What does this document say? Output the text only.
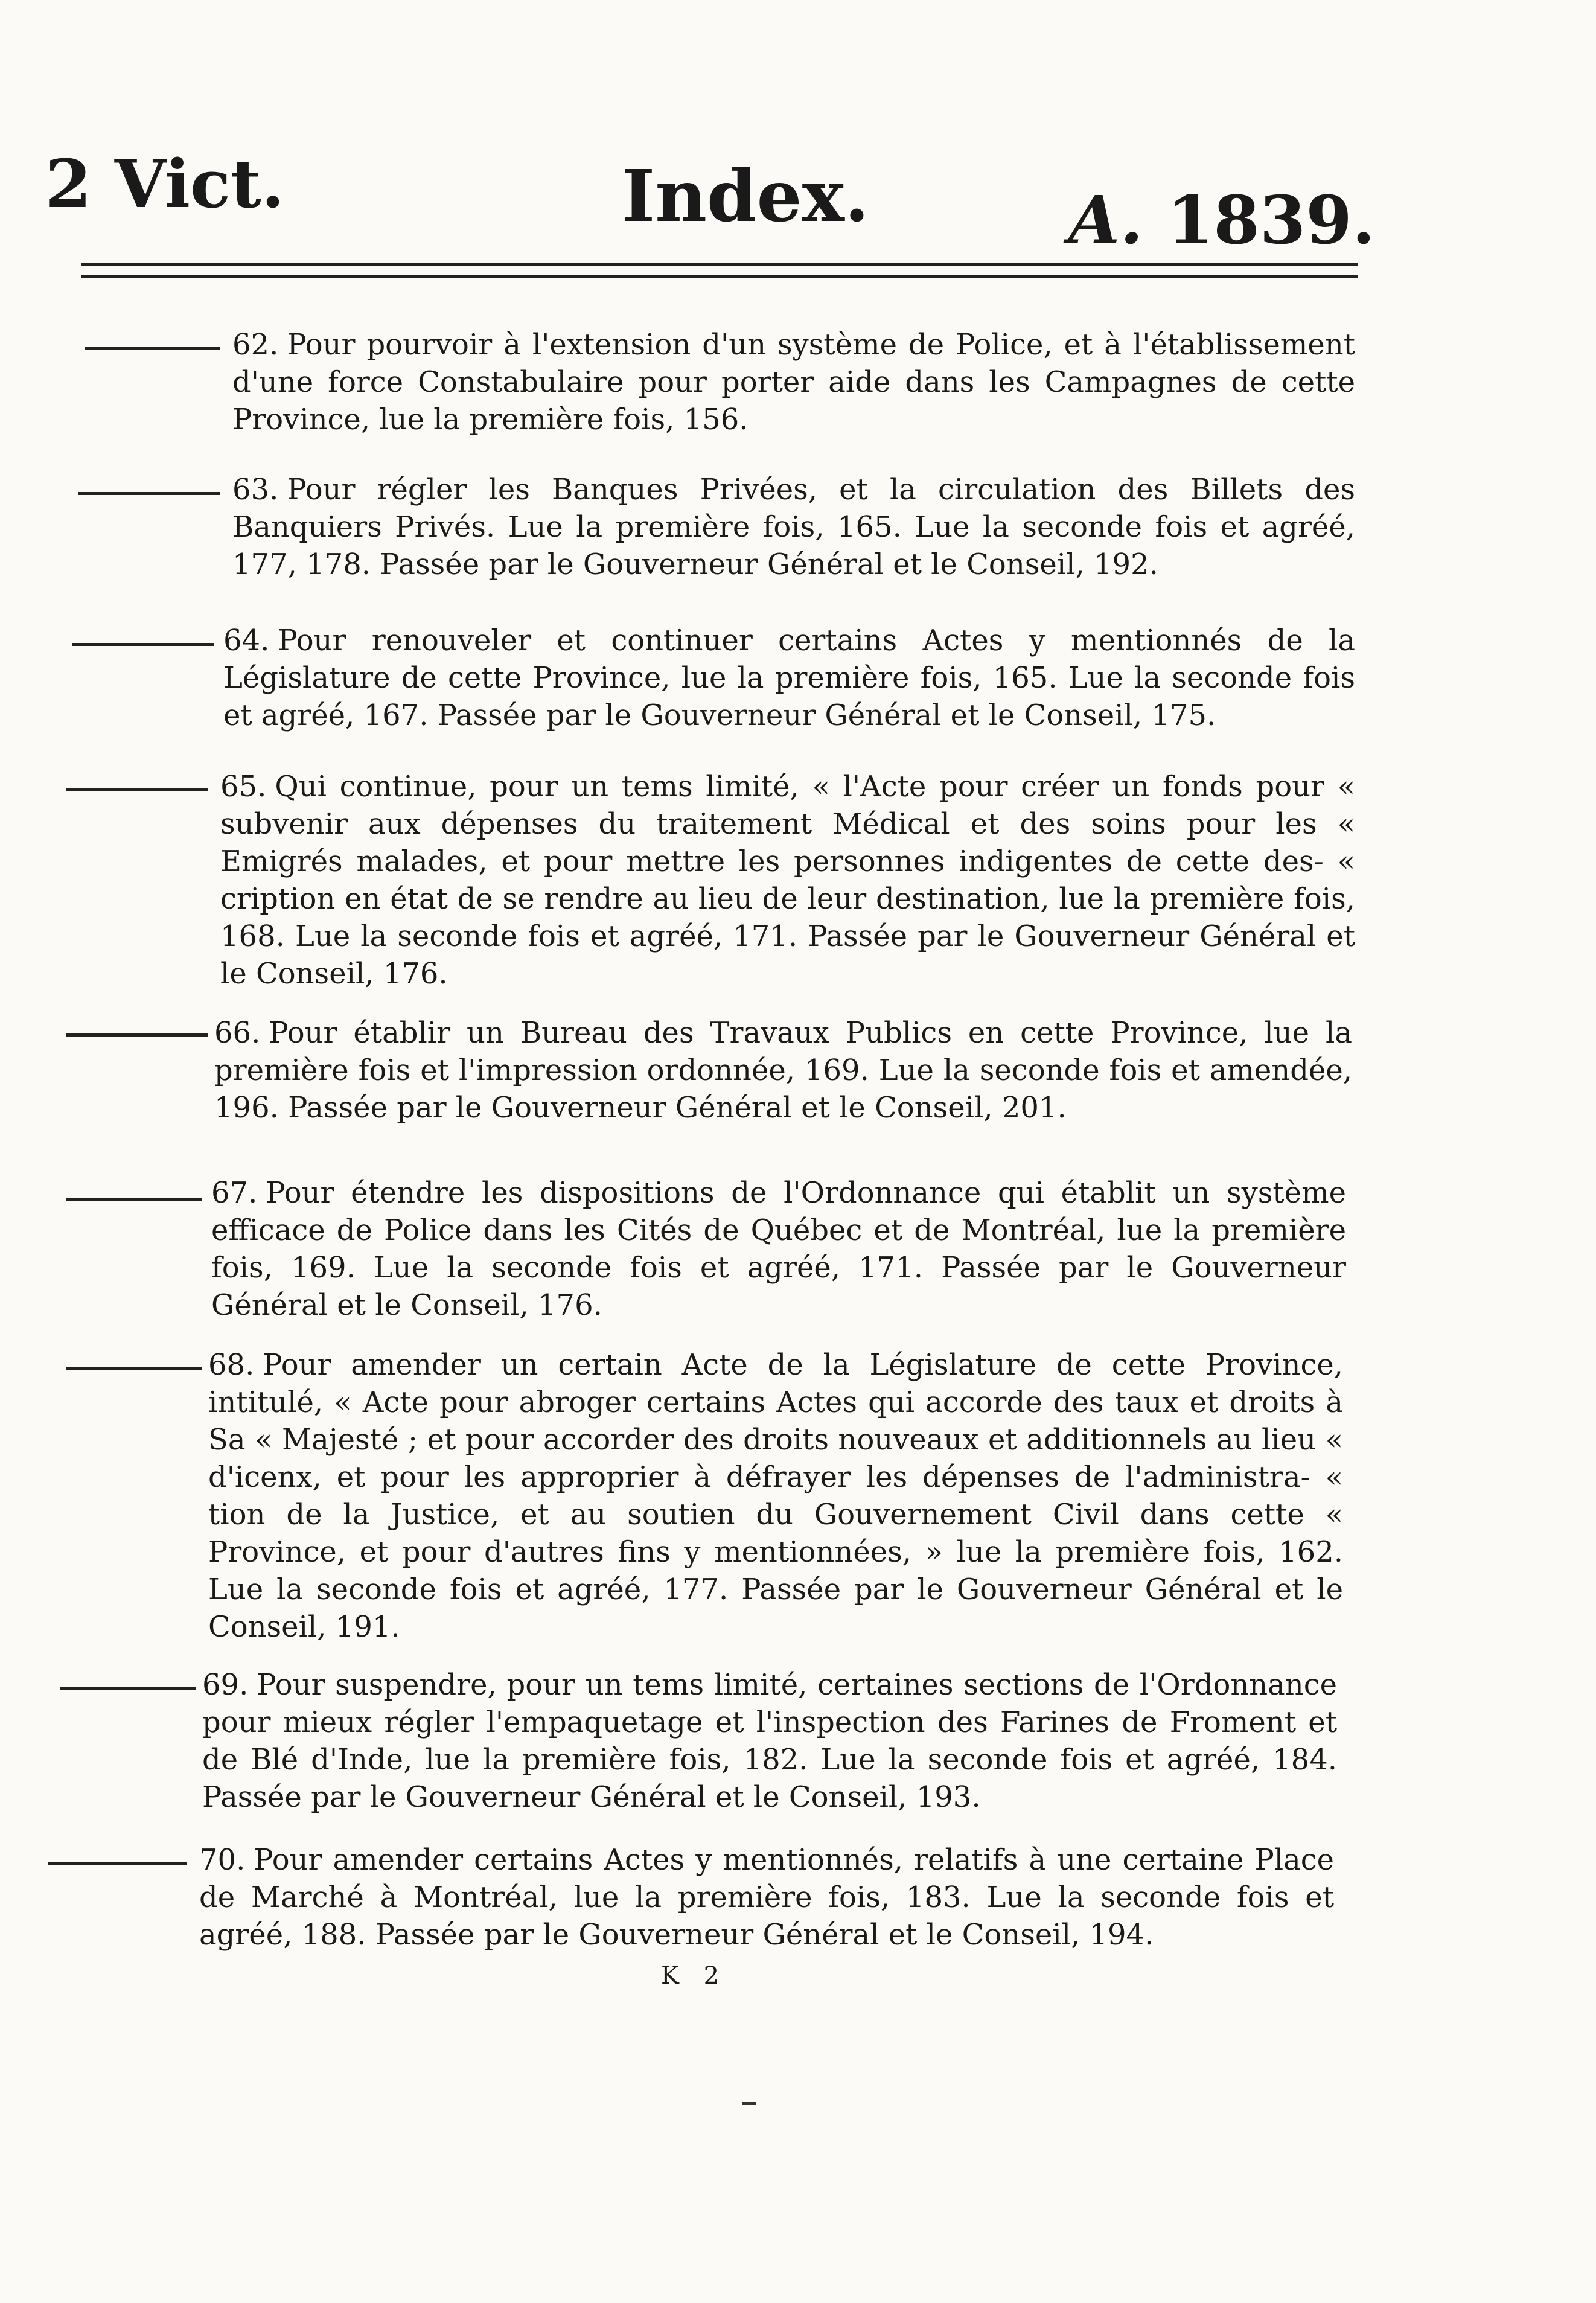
2 Vict.	Index.	A. 1839.
62. Pour pourvoir à l'extension d'un système de Police, et à l'établissement d'une force Constabulaire pour porter aide dans les Campagnes de cette Province, lue la première fois, 156.
63. Pour régler les Banques Privées, et la circulation des Billets des Banquiers Privés. Lue la première fois, 165. Lue la seconde fois et agréé, 177, 178. Passée par le Gouverneur Général et le Conseil, 192.
64. Pour renouveler et continuer certains Actes y mentionnés de la Législature de cette Province, lue la première fois, 165. Lue la seconde fois et agréé, 167. Passée par le Gouverneur Général et le Conseil, 175.
65. Qui continue, pour un tems limité, « l'Acte pour créer un fonds pour « subvenir aux dépenses du traitement Médical et des soins pour les « Emigrés malades, et pour mettre les personnes indigentes de cette des- « cription en état de se rendre au lieu de leur destination, lue la première fois, 168. Lue la seconde fois et agréé, 171. Passée par le Gouverneur Général et le Conseil, 176.
66. Pour établir un Bureau des Travaux Publics en cette Province, lue la première fois et l'impression ordonnée, 169. Lue la seconde fois et amendée, 196. Passée par le Gouverneur Général et le Conseil, 201.
67. Pour étendre les dispositions de l'Ordonnance qui établit un système efficace de Police dans les Cités de Québec et de Montréal, lue la première fois, 169. Lue la seconde fois et agréé, 171. Passée par le Gouverneur Général et le Conseil, 176.
68. Pour amender un certain Acte de la Législature de cette Province, intitulé, « Acte pour abroger certains Actes qui accorde des taux et droits à Sa « Majesté ; et pour accorder des droits nouveaux et additionnels au lieu « d'icenx, et pour les approprier à défrayer les dépenses de l'administra- « tion de la Justice, et au soutien du Gouvernement Civil dans cette « Province, et pour d'autres fins y mentionnées, » lue la première fois, 162. Lue la seconde fois et agréé, 177. Passée par le Gouverneur Général et le Conseil, 191.
69. Pour suspendre, pour un tems limité, certaines sections de l'Ordonnance pour mieux régler l'empaquetage et l'inspection des Farines de Froment et de Blé d'Inde, lue la première fois, 182. Lue la seconde fois et agréé, 184. Passée par le Gouverneur Général et le Conseil, 193.
70. Pour amender certains Actes y mentionnés, relatifs à une certaine Place de Marché à Montréal, lue la première fois, 183. Lue la seconde fois et agréé, 188. Passée par le Gouverneur Général et le Conseil, 194.
K 2
